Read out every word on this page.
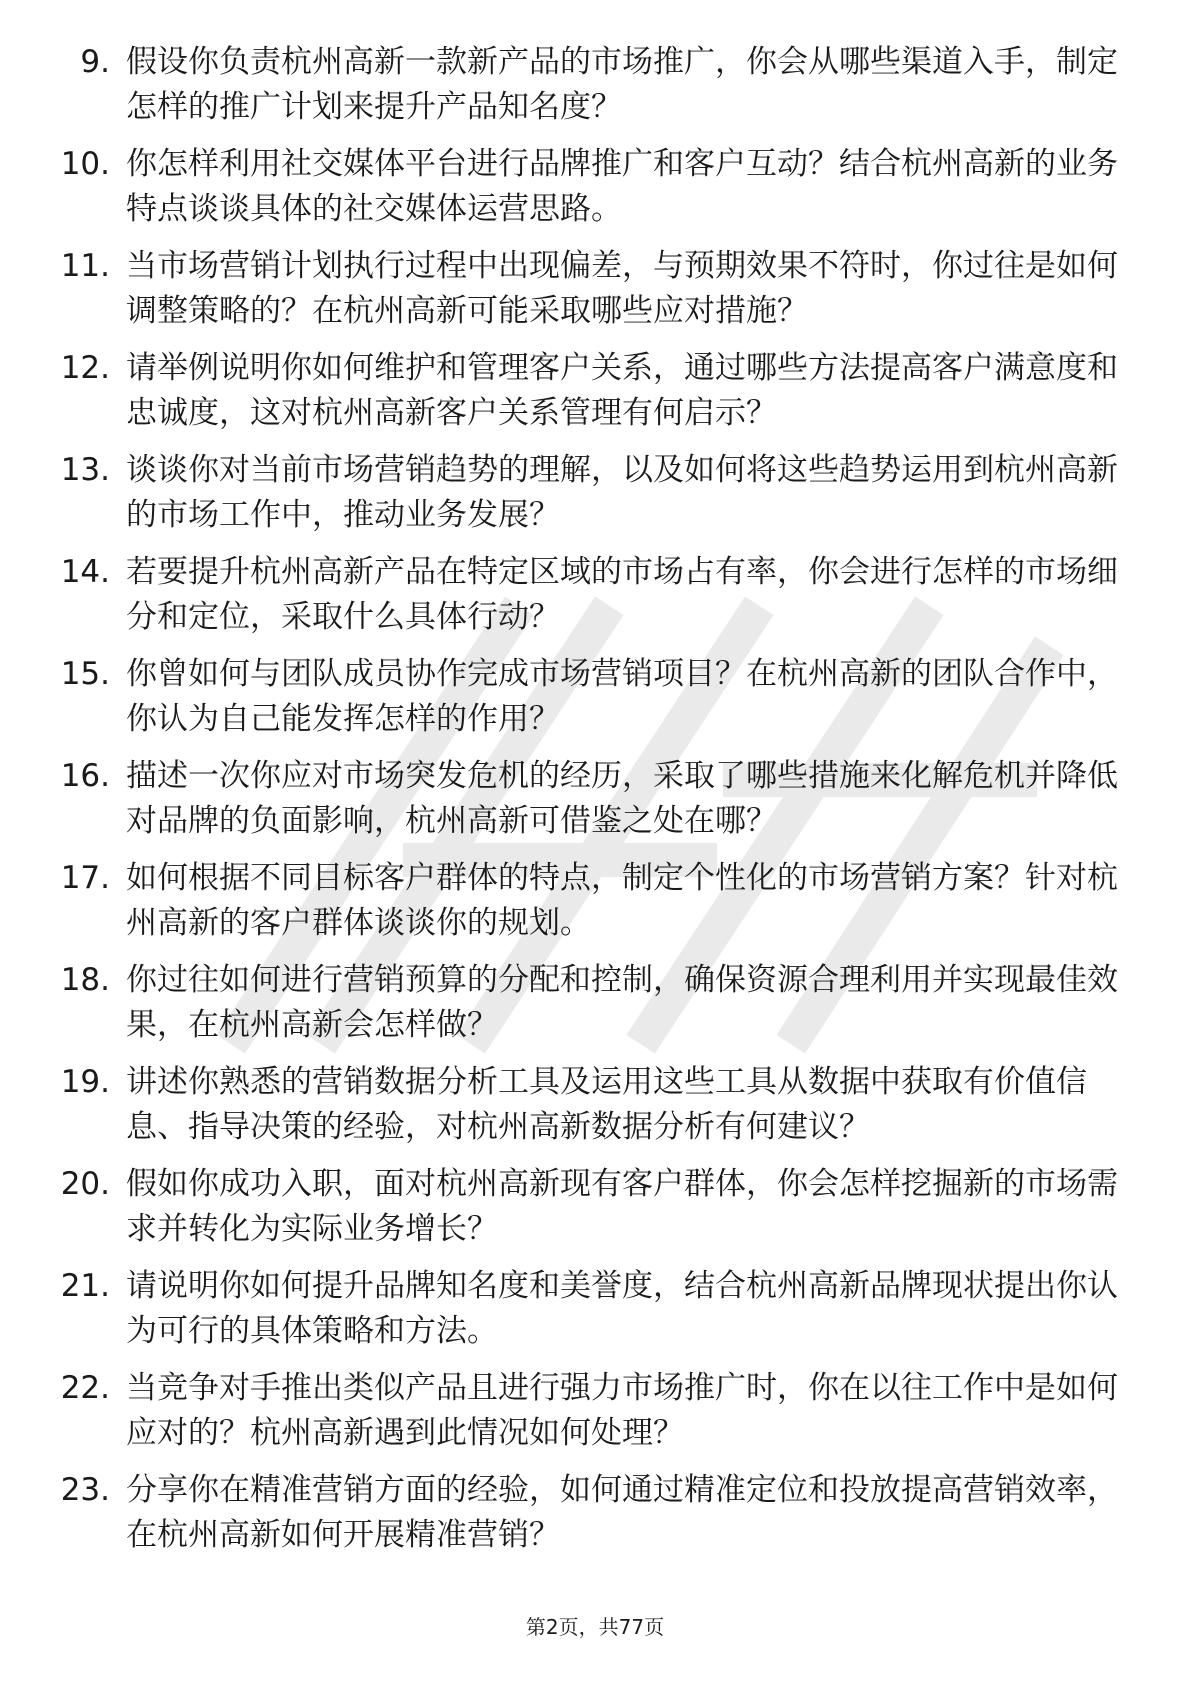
9. 假设你负责杭州高新一款新产品的市场推广，你会从哪些渠道入手，制定怎样的推广计划来提升产品知名度？
10. 你怎样利用社交媒体平台进行品牌推广和客户互动？结合杭州高新的业务特点谈谈具体的社交媒体运营思路。
11. 当市场营销计划执行过程中出现偏差，与预期效果不符时，你过往是如何调整策略的？在杭州高新可能采取哪些应对措施？
12. 请举例说明你如何维护和管理客户关系，通过哪些方法提高客户满意度和忠诚度，这对杭州高新客户关系管理有何启示？
13. 谈谈你对当前市场营销趋势的理解，以及如何将这些趋势运用到杭州高新的市场工作中，推动业务发展？
14. 若要提升杭州高新产品在特定区域的市场占有率，你会进行怎样的市场细分和定位，采取什么具体行动？
15. 你曾如何与团队成员协作完成市场营销项目？在杭州高新的团队合作中，你认为自己能发挥怎样的作用？
16. 描述一次你应对市场突发危机的经历，采取了哪些措施来化解危机并降低对品牌的负面影响，杭州高新可借鉴之处在哪？
17. 如何根据不同目标客户群体的特点，制定个性化的市场营销方案？针对杭州高新的客户群体谈谈你的规划。
18. 你过往如何进行营销预算的分配和控制，确保资源合理利用并实现最佳效果，在杭州高新会怎样做？
19. 讲述你熟悉的营销数据分析工具及运用这些工具从数据中获取有价值信息、指导决策的经验，对杭州高新数据分析有何建议？
20. 假如你成功入职，面对杭州高新现有客户群体，你会怎样挖掘新的市场需求并转化为实际业务增长？
21. 请说明你如何提升品牌知名度和美誉度，结合杭州高新品牌现状提出你认为可行的具体策略和方法。
22. 当竞争对手推出类似产品且进行强力市场推广时，你在以往工作中是如何应对的？杭州高新遇到此情况如何处理？
23. 分享你在精准营销方面的经验，如何通过精准定位和投放提高营销效率，在杭州高新如何开展精准营销？
第2页，共77页
